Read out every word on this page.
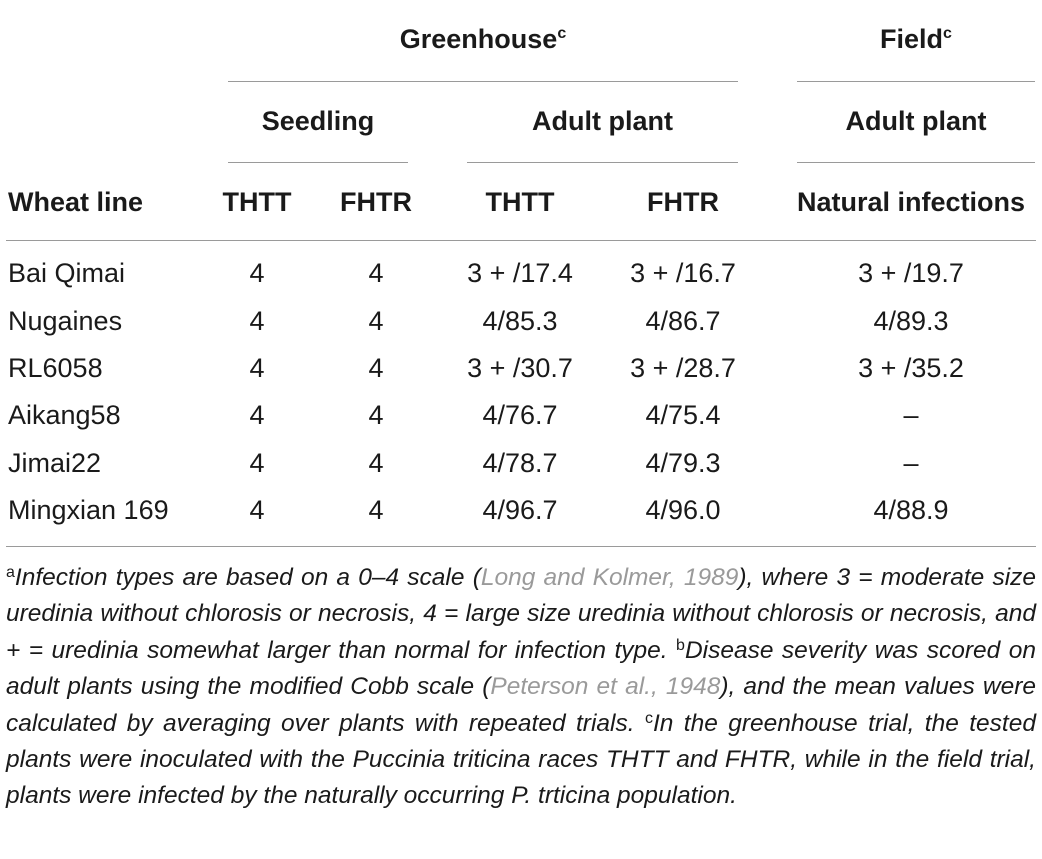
Greenhouse$^c$	Field$^c$
Seedling	Adult plant	Adult plant
Wheat line	THTT	FHTR	THTT	FHTR	Natural infections
Bai Qimai	4	4	3 + /17.4	3 + /16.7	3 + /19.7
Nugaines	4	4	4/85.3	4/86.7	4/89.3
RL6058	4	4	3 + /30.7	3 + /28.7	3 + /35.2
Aikang58	4	4	4/76.7	4/75.4	–
Jimai22	4	4	4/78.7	4/79.3	–
Mingxian 169	4	4	4/96.7	4/96.0	4/88.9
$^a$Infection types are based on a 0–4 scale (Long and Kolmer, 1989), where 3 = moderate size uredinia without chlorosis or necrosis, 4 = large size uredinia without chlorosis or necrosis, and + = uredinia somewhat larger than normal for infection type. $^b$Disease severity was scored on adult plants using the modified Cobb scale (Peterson et al., 1948), and the mean values were calculated by averaging over plants with repeated trials. $^c$In the greenhouse trial, the tested plants were inoculated with the Puccinia triticina races THTT and FHTR, while in the field trial, plants were infected by the naturally occurring P. trticina population.
